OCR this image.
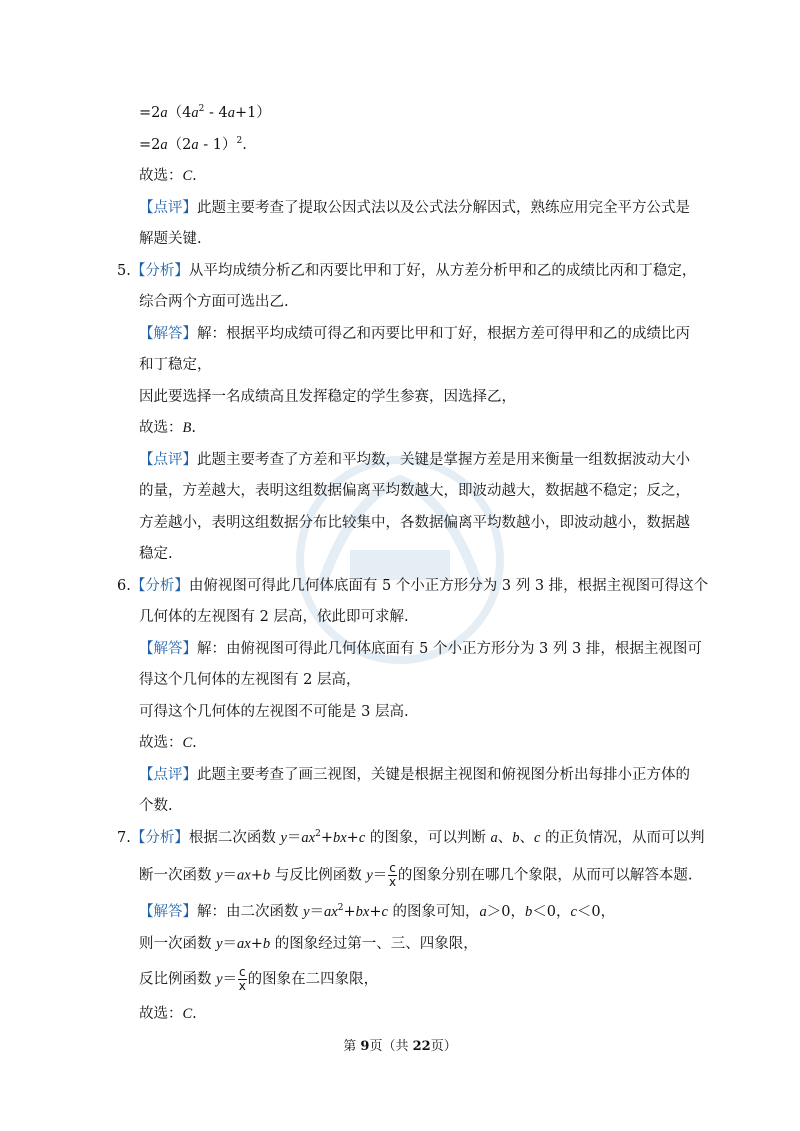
$=2a(4a^2 - 4a+1)$
=2a（2a - 1）$^2$.
故选：C.
【点评】此题主要考查了提取公因式法以及公式法分解因式，熟练应用完全平方公式是
解题关键.
5.【分析】从平均成绩分析乙和丙要比甲和丁好，从方差分析甲和乙的成绩比丙和丁稳定，
综合两个方面可选出乙.
【解答】解：根据平均成绩可得乙和丙要比甲和丁好，根据方差可得甲和乙的成绩比丙
和丁稳定，
因此要选择一名成绩高且发挥稳定的学生参赛，因选择乙，
故选：B.
【点评】此题主要考查了方差和平均数，关键是掌握方差是用来衡量一组数据波动大小
的量，方差越大，表明这组数据偏离平均数越大，即波动越大，数据越不稳定；反之，
方差越小，表明这组数据分布比较集中，各数据偏离平均数越小，即波动越小，数据越
稳定.
6.【分析】由俯视图可得此几何体底面有 5 个小正方形分为 3 列 3 排，根据主视图可得这个
几何体的左视图有 2 层高，依此即可求解.
【解答】解：由俯视图可得此几何体底面有 5 个小正方形分为 3 列 3 排，根据主视图可
得这个几何体的左视图有 2 层高，
可得这个几何体的左视图不可能是 3 层高.
故选：C.
【点评】此题主要考查了画三视图，关键是根据主视图和俯视图分析出每排小正方体的
个数.
7.【分析】根据二次函数 $y=ax^2+bx+c$ 的图象，可以判断 a、b、c 的正负情况，从而可以判
断一次函数 y＝ax+b 与反比例函数 $y= \frac{c}{x}$ 的图象分别在哪几个象限，从而可以解答本题.
【解答】解：由二次函数 $y=ax^2+bx+c$ 的图象可知，a＞0，b＜0，c＜0，
则一次函数 y＝ax+b 的图象经过第一、三、四象限，
反比例函数 $y= \frac{c}{x}$ 的图象在二四象限，
故选：C.
第 9页（共 22页）
